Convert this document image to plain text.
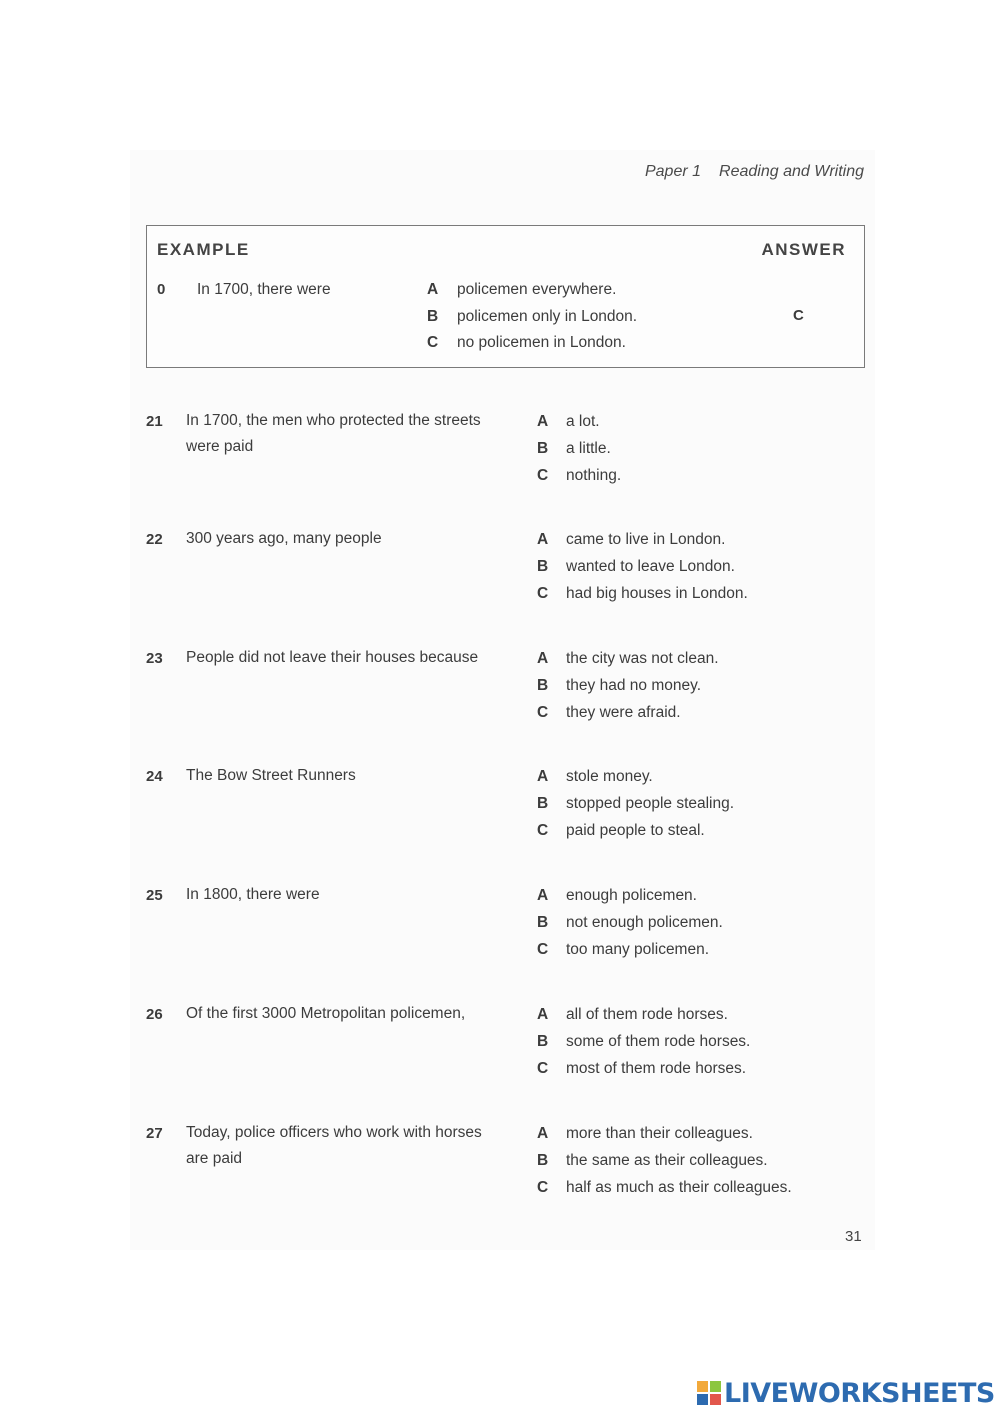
Paper 1 Reading and Writing
EXAMPLE	ANSWER
0 In 1700, there were	A policemen everywhere.
B policemen only in London.
C no policemen in London.
C
21 In 1700, the men who protected the streets were paid
A a lot.
B a little.
C nothing.
22 300 years ago, many people	A came to live in London.
B wanted to leave London.
C had big houses in London.
23 People did not leave their houses because	A the city was not clean.
B they had no money.
C they were afraid.
24 The Bow Street Runners	A stole money.
B stopped people stealing.
C paid people to steal.
25 In 1800, there were	A enough policemen.
B not enough policemen.
C too many policemen.
26 Of the first 3000 Metropolitan policemen,	A all of them rode horses.
B some of them rode horses.
C most of them rode horses.
27 Today, police officers who work with horses are paid
A more than their colleagues.
B the same as their colleagues.
C half as much as their colleagues.
31
LIVEWORKSHEETS
